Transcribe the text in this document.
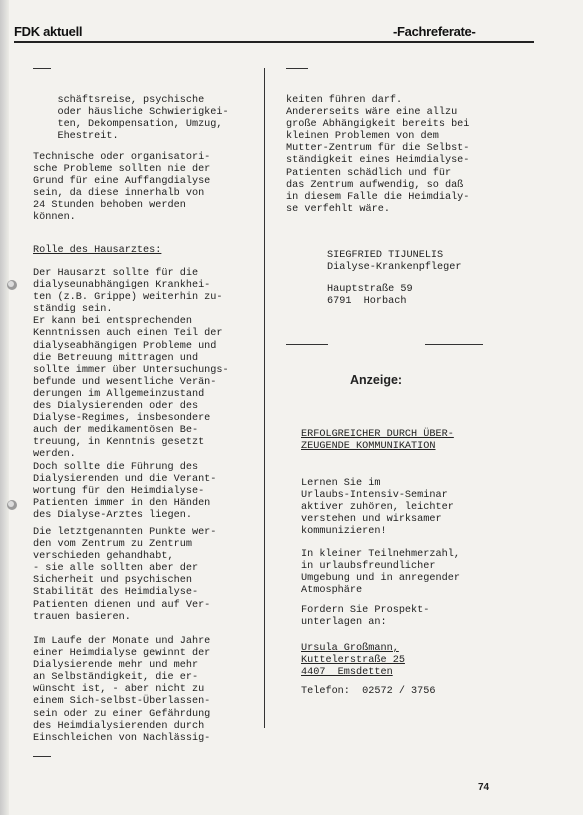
FDK aktuell	-Fachreferate-
schäftsreise, psychische
oder häusliche Schwierigkei-
ten, Dekompensation, Umzug,
Ehestreit.
Technische oder organisatori-
sche Probleme sollten nie der
Grund für eine Auffangdialyse
sein, da diese innerhalb von
24 Stunden behoben werden
können.
Rolle des Hausarztes:
Der Hausarzt sollte für die
dialyseunabhängigen Krankhei-
ten (z.B. Grippe) weiterhin zu-
ständig sein.
Er kann bei entsprechenden
Kenntnissen auch einen Teil der
dialyseabhängigen Probleme und
die Betreuung mittragen und
sollte immer über Untersuchungs-
befunde und wesentliche Verän-
derungen im Allgemeinzustand
des Dialysierenden oder des
Dialyse-Regimes, insbesondere
auch der medikamentösen Be-
treuung, in Kenntnis gesetzt
werden.
Doch sollte die Führung des
Dialysierenden und die Verant-
wortung für den Heimdialyse-
Patienten immer in den Händen
des Dialyse-Arztes liegen.
Die letztgenannten Punkte wer-
den vom Zentrum zu Zentrum
verschieden gehandhabt,
- sie alle sollten aber der
Sicherheit und psychischen
Stabilität des Heimdialyse-
Patienten dienen und auf Ver-
trauen basieren.
Im Laufe der Monate und Jahre
einer Heimdialyse gewinnt der
Dialysierende mehr und mehr
an Selbständigkeit, die er-
wünscht ist, - aber nicht zu
einem Sich-selbst-Überlassen-
sein oder zu einer Gefährdung
des Heimdialysierenden durch
Einschleichen von Nachlässig-
keiten führen darf.
Andererseits wäre eine allzu
große Abhängigkeit bereits bei
kleinen Problemen von dem
Mutter-Zentrum für die Selbst-
ständigkeit eines Heimdialyse-
Patienten schädlich und für
das Zentrum aufwendig, so daß
in diesem Falle die Heimdialy-
se verfehlt wäre.
SIEGFRIED TIJUNELIS
Dialyse-Krankenpfleger
Hauptstraße 59
6791  Horbach
Anzeige:
ERFOLGREICHER DURCH ÜBER-
ZEUGENDE KOMMUNIKATION
Lernen Sie im
Urlaubs-Intensiv-Seminar
aktiver zuhören, leichter
verstehen und wirksamer
kommunizieren!
In kleiner Teilnehmerzahl,
in urlaubsfreundlicher
Umgebung und in anregender
Atmosphäre
Fordern Sie Prospekt-
unterlagen an:
Ursula Großmann,
Kuttelerstraße 25
4407  Emsdetten
Telefon:  02572 / 3756
74
